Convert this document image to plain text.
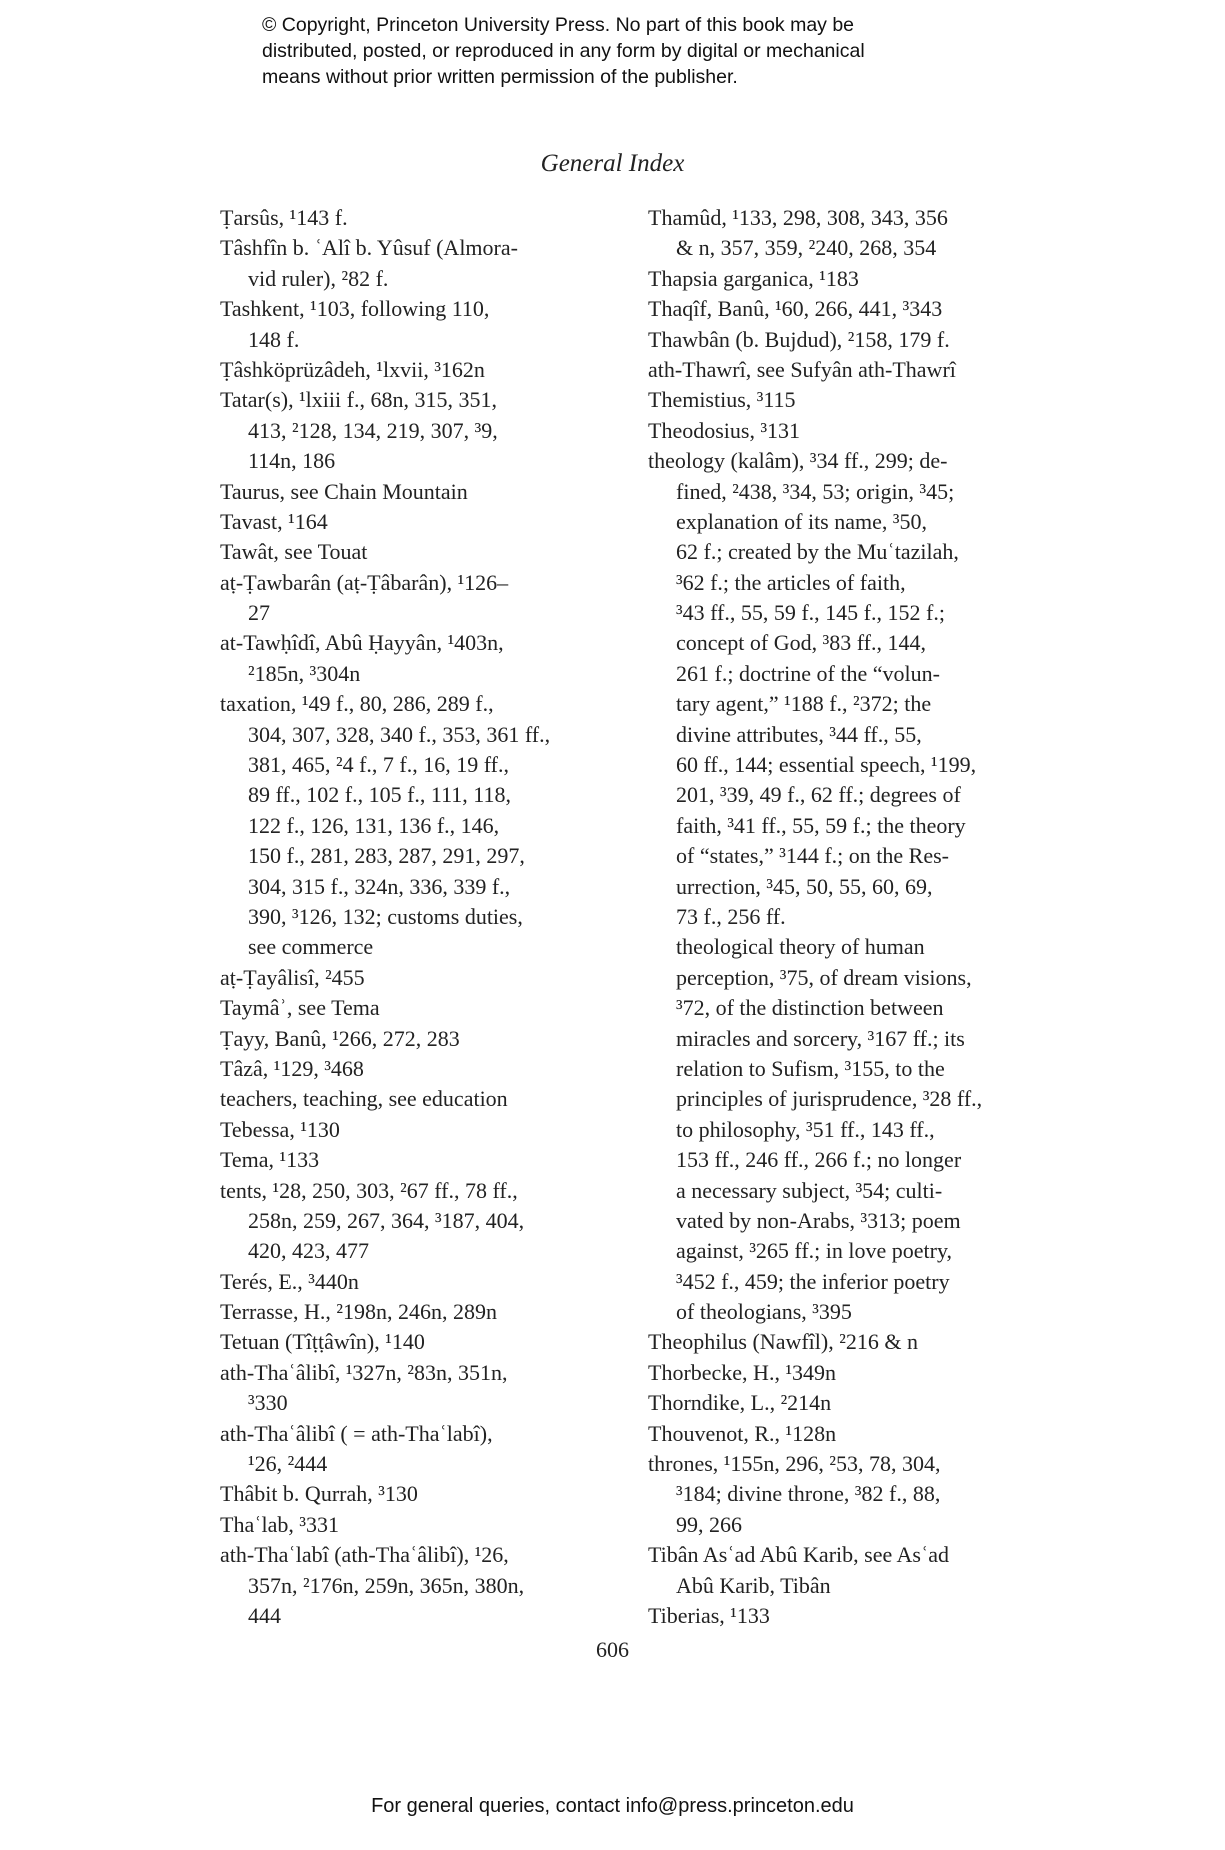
© Copyright, Princeton University Press. No part of this book may be
distributed, posted, or reproduced in any form by digital or mechanical
means without prior written permission of the publisher.
General Index
Ṭarsûs, ¹143 f.
Tâshfîn b. ʿAlî b. Yûsuf (Almora-
vid ruler), ²82 f.
Tashkent, ¹103, following 110,
148 f.
Ṭâshköprüzâdeh, ¹lxvii, ³162n
Tatar(s), ¹lxiii f., 68n, 315, 351,
413, ²128, 134, 219, 307, ³9,
114n, 186
Taurus, see Chain Mountain
Tavast, ¹164
Tawât, see Touat
aṭ-Ṭawbarân (aṭ-Ṭâbarân), ¹126–
27
at-Tawḥîdî, Abû Ḥayyân, ¹403n,
²185n, ³304n
taxation, ¹49 f., 80, 286, 289 f.,
304, 307, 328, 340 f., 353, 361 ff.,
381, 465, ²4 f., 7 f., 16, 19 ff.,
89 ff., 102 f., 105 f., 111, 118,
122 f., 126, 131, 136 f., 146,
150 f., 281, 283, 287, 291, 297,
304, 315 f., 324n, 336, 339 f.,
390, ³126, 132; customs duties,
see commerce
aṭ-Ṭayâlisî, ²455
Taymâʾ, see Tema
Ṭayy, Banû, ¹266, 272, 283
Tâzâ, ¹129, ³468
teachers, teaching, see education
Tebessa, ¹130
Tema, ¹133
tents, ¹28, 250, 303, ²67 ff., 78 ff.,
258n, 259, 267, 364, ³187, 404,
420, 423, 477
Terés, E., ³440n
Terrasse, H., ²198n, 246n, 289n
Tetuan (Tîṭṭâwîn), ¹140
ath-Thaʿâlibî, ¹327n, ²83n, 351n,
³330
ath-Thaʿâlibî ( = ath-Thaʿlabî),
¹26, ²444
Thâbit b. Qurrah, ³130
Thaʿlab, ³331
ath-Thaʿlabî (ath-Thaʿâlibî), ¹26,
357n, ²176n, 259n, 365n, 380n,
444
Thamûd, ¹133, 298, 308, 343, 356
& n, 357, 359, ²240, 268, 354
Thapsia garganica, ¹183
Thaqîf, Banû, ¹60, 266, 441, ³343
Thawbân (b. Bujdud), ²158, 179 f.
ath-Thawrî, see Sufyân ath-Thawrî
Themistius, ³115
Theodosius, ³131
theology (kalâm), ³34 ff., 299; de-
fined, ²438, ³34, 53; origin, ³45;
explanation of its name, ³50,
62 f.; created by the Muʿtazilah,
³62 f.; the articles of faith,
³43 ff., 55, 59 f., 145 f., 152 f.;
concept of God, ³83 ff., 144,
261 f.; doctrine of the “volun-
tary agent,” ¹188 f., ²372; the
divine attributes, ³44 ff., 55,
60 ff., 144; essential speech, ¹199,
201, ³39, 49 f., 62 ff.; degrees of
faith, ³41 ff., 55, 59 f.; the theory
of “states,” ³144 f.; on the Res-
urrection, ³45, 50, 55, 60, 69,
73 f., 256 ff.
theological theory of human
perception, ³75, of dream visions,
³72, of the distinction between
miracles and sorcery, ³167 ff.; its
relation to Sufism, ³155, to the
principles of jurisprudence, ³28 ff.,
to philosophy, ³51 ff., 143 ff.,
153 ff., 246 ff., 266 f.; no longer
a necessary subject, ³54; culti-
vated by non-Arabs, ³313; poem
against, ³265 ff.; in love poetry,
³452 f., 459; the inferior poetry
of theologians, ³395
Theophilus (Nawfîl), ²216 & n
Thorbecke, H., ¹349n
Thorndike, L., ²214n
Thouvenot, R., ¹128n
thrones, ¹155n, 296, ²53, 78, 304,
³184; divine throne, ³82 f., 88,
99, 266
Tibân Asʿad Abû Karib, see Asʿad
Abû Karib, Tibân
Tiberias, ¹133
606
For general queries, contact info@press.princeton.edu
